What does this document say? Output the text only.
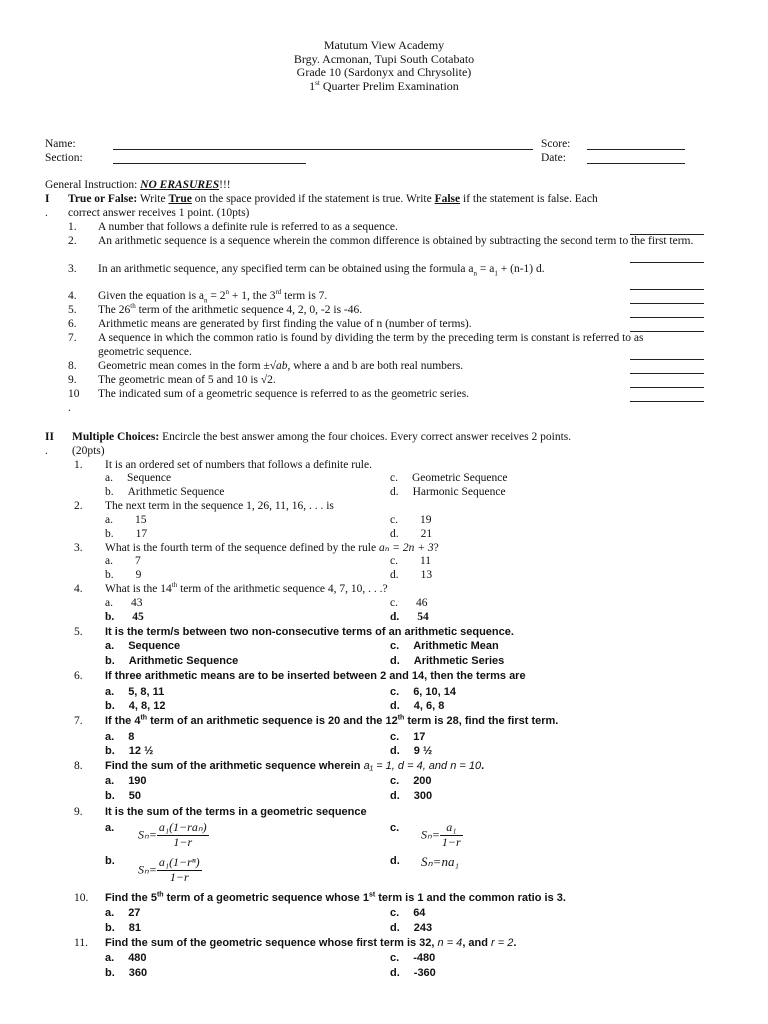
Matutum View Academy
Brgy. Acmonan, Tupi South Cotabato
Grade 10 (Sardonyx and Chrysolite)
1st Quarter Prelim Examination
Name:	Score:
Section:	Date:
General Instruction: NO ERASURES!!!
I
.
True or False: Write True on the space provided if the statement is true. Write False if the statement is false. Each
correct answer receives 1 point. (10pts)
1. A number that follows a definite rule is referred to as a sequence.
2. An arithmetic sequence is a sequence wherein the common difference is obtained by subtracting the second term to the first term.
3. In an arithmetic sequence, any specified term can be obtained using the formula $a_n = a_1 + (n-1)$ d.
4. Given the equation is $a_n = 2^n + 1$, the 3rd term is 7.
5. The 26th term of the arithmetic sequence 4, 2, 0, -2 is -46.
6. Arithmetic means are generated by first finding the value of n (number of terms).
7. A sequence in which the common ratio is found by dividing the term by the preceding term is constant is referred to as geometric sequence.
8. Geometric mean comes in the form ±√ab, where a and b are both real numbers.
9. The geometric mean of 5 and 10 is √2.
10
.
The indicated sum of a geometric sequence is referred to as the geometric series.
II
.
Multiple Choices: Encircle the best answer among the four choices. Every correct answer receives 2 points.
(20pts)
1. It is an ordered set of numbers that follows a definite rule.
a. Sequence
b. Arithmetic Sequence
c. Geometric Sequence
d. Harmonic Sequence
2. The next term in the sequence 1, 26, 11, 16, . . . is
a. 15
b. 17
c. 19
d. 21
3. What is the fourth term of the sequence defined by the rule aₙ = 2n + 3?
a. 7
b. 9
c. 11
d. 13
4. What is the 14th term of the arithmetic sequence 4, 7, 10, . . .?
a. 43
b. 45
c. 46
d. 54
5. It is the term/s between two non-consecutive terms of an arithmetic sequence.
a. Sequence
b. Arithmetic Sequence
c. Arithmetic Mean
d. Arithmetic Series
6. If three arithmetic means are to be inserted between 2 and 14, then the terms are
a. 5, 8, 11
b. 4, 8, 12
c. 6, 10, 14
d. 4, 6, 8
7. If the 4th term of an arithmetic sequence is 20 and the 12th term is 28, find the first term.
a. 8
b. 12 ½
c. 17
d. 9 ½
8. Find the sum of the arithmetic sequence wherein a₁ = 1, d = 4, and n = 10.
a. 190
b. 50
c. 200
d. 300
9. It is the sum of the terms in a geometric sequence
a. $S_n= \frac{\text{a₁(1−raₙ)}}{1-r}$
b.
$S_n= \frac{\text{a₁(1−rⁿ)}}{1-r}$
c. $S_n= \frac{\text{a₁}}{1-r}$
d. Sₙ=na₁
10. Find the 5th term of a geometric sequence whose 1st term is 1 and the common ratio is 3.
a. 27
b. 81
c. 64
d. 243
11. Find the sum of the geometric sequence whose first term is 32, n = 4, and r = 2.
a. 480
b. 360
c. -480
d. -360
